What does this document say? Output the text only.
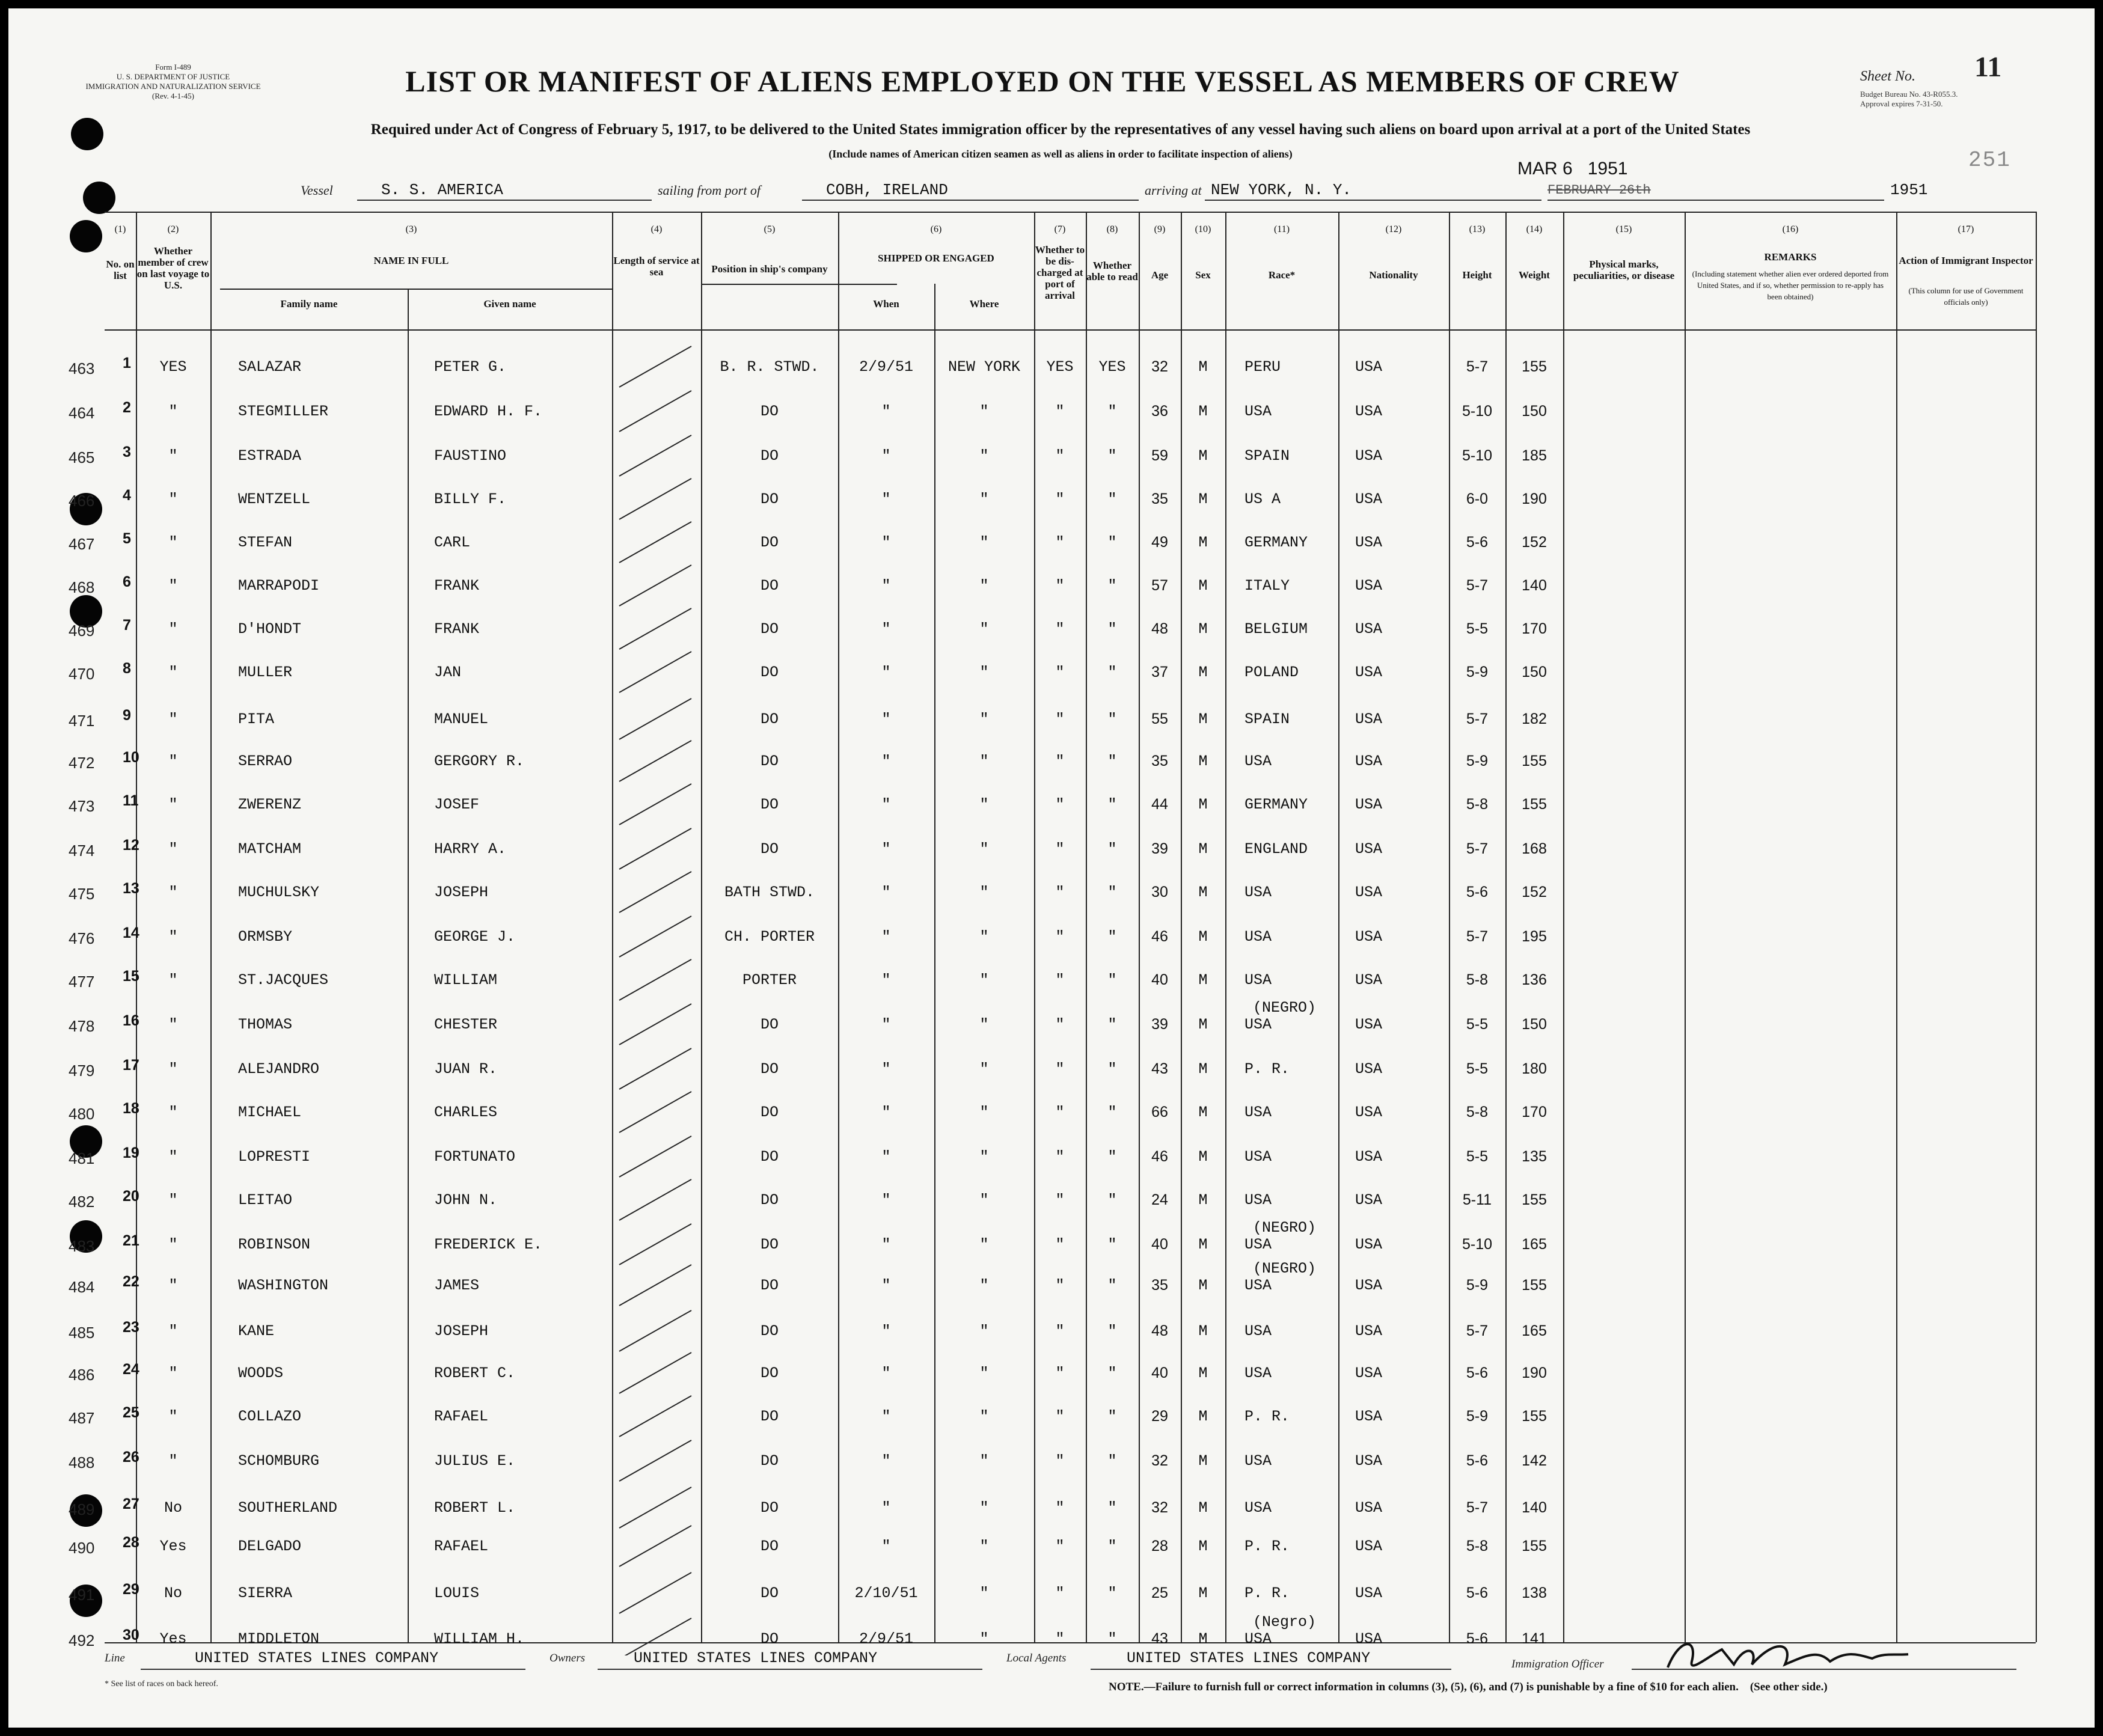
Form I-489
U. S. DEPARTMENT OF JUSTICE
IMMIGRATION AND NATURALIZATION SERVICE
(Rev. 4-1-45)	LIST OR MANIFEST OF ALIENS EMPLOYED ON THE VESSEL AS MEMBERS OF CREW
Required under Act of Congress of February 5, 1917, to be delivered to the United States immigration officer by the representatives of any vessel having such aliens on board upon arrival at a port of the United States
(Include names of American citizen seamen as well as aliens in order to facilitate inspection of aliens)
Sheet No. 11
Budget Bureau No. 43-R055.3.
Approval expires 7-31-50.
251
Vessel	S. S. AMERICA	sailing from port of	COBH, IRELAND	arriving at NEW YORK, N. Y.
MAR 6 1951
FEBRUARY 26th	1951
(1)	(2)	(3)	(4)	(5)	(6)	(7)	(8)	(9)	(10)	(11)	(12)	(13)	(14)	(15)	(16)	(17)
No. on list
Whether member of crew on last voyage to U.S.
NAME IN FULL
Family name	Given name
Length of service at sea	Position in ship's company
SHIPPED OR ENGAGED
When	Where
Whether to be dis-charged at port of arrival
Whether able to read	Age	Sex	Race*	Nationality	Height	Weight
Physical marks, peculiarities, or disease
REMARKS
(Including statement whether alien ever ordered deported from United States, and if so, whether permission to re-apply has been obtained)
Action of Immigrant Inspector
(This column for use of Government officials only)
463 1	YES	SALAZAR	PETER G.	B. R. STWD.	2/9/51	NEW YORK	YES	YES	32	M	PERU	USA	5-7	155
464 2	"	STEGMILLER	EDWARD H. F.	DO	"	"	"	"	36	M	USA	USA	5-10	150
465 3	"	ESTRADA	FAUSTINO	DO	"	"	"	"	59	M	SPAIN	USA	5-10	185
466 4	"	WENTZELL	BILLY F.	DO	"	"	"	"	35	M	US A	USA	6-0	190
467 5	"	STEFAN	CARL	DO	"	"	"	"	49	M	GERMANY	USA	5-6	152
468 6	"	MARRAPODI	FRANK	DO	"	"	"	"	57	M	ITALY	USA	5-7	140
469 7	"	D'HONDT	FRANK	DO	"	"	"	"	48	M	BELGIUM	USA	5-5	170
470 8	"	MULLER	JAN	DO	"	"	"	"	37	M	POLAND	USA	5-9	150
471 9	"	PITA	MANUEL	DO	"	"	"	"	55	M	SPAIN	USA	5-7	182
472 10	"	SERRAO	GERGORY R.	DO	"	"	"	"	35	M	USA	USA	5-9	155
473 11	"	ZWERENZ	JOSEF	DO	"	"	"	"	44	M	GERMANY	USA	5-8	155
474 12	"	MATCHAM	HARRY A.	DO	"	"	"	"	39	M	ENGLAND	USA	5-7	168
475 13	"	MUCHULSKY	JOSEPH	BATH STWD.	"	"	"	"	30	M	USA	USA	5-6	152
476 14	"	ORMSBY	GEORGE J.	CH. PORTER	"	"	"	"	46	M	USA	USA	5-7	195
477 15	"	ST.JACQUES	WILLIAM	PORTER	"	"	"	"	40	M	USA	USA	5-8	136
478 16	"	THOMAS	CHESTER	DO	"	"	"	"	39	M	USA	USA	5-5	150
(NEGRO)
479 17	"	ALEJANDRO	JUAN R.	DO	"	"	"	"	43	M	P. R.	USA	5-5	180
480 18	"	MICHAEL	CHARLES	DO	"	"	"	"	66	M	USA	USA	5-8	170
481 19	"	LOPRESTI	FORTUNATO	DO	"	"	"	"	46	M	USA	USA	5-5	135
482 20	"	LEITAO	JOHN N.	DO	"	"	"	"	24	M	USA	USA	5-11	155
483 21	"	ROBINSON	FREDERICK E.	DO	"	"	"	"	40	M	USA	USA	5-10	165
(NEGRO)
484 22	"	WASHINGTON	JAMES	DO	"	"	"	"	35	M	USA	USA	5-9	155
(NEGRO)
485 23	"	KANE	JOSEPH	DO	"	"	"	"	48	M	USA	USA	5-7	165
486 24	"	WOODS	ROBERT C.	DO	"	"	"	"	40	M	USA	USA	5-6	190
487 25	"	COLLAZO	RAFAEL	DO	"	"	"	"	29	M	P. R.	USA	5-9	155
488 26	"	SCHOMBURG	JULIUS E.	DO	"	"	"	"	32	M	USA	USA	5-6	142
489 27	No	SOUTHERLAND	ROBERT L.	DO	"	"	"	"	32	M	USA	USA	5-7	140
490 28	Yes	DELGADO	RAFAEL	DO	"	"	"	"	28	M	P. R.	USA	5-8	155
491 29	No	SIERRA	LOUIS	DO	2/10/51	"	"	"	25	M	P. R.	USA	5-6	138
492 30	Yes	MIDDLETON	WILLIAM H.	DO	2/9/51	"	"	"	43	M	USA	USA	5-6	141
(Negro)
Line	UNITED STATES LINES COMPANY	Owners	UNITED STATES LINES COMPANY	Local Agents	UNITED STATES LINES COMPANY	Immigration Officer
* See list of races on back hereof.	NOTE.—Failure to furnish full or correct information in columns (3), (5), (6), and (7) is punishable by a fine of $10 for each alien.    (See other side.)
